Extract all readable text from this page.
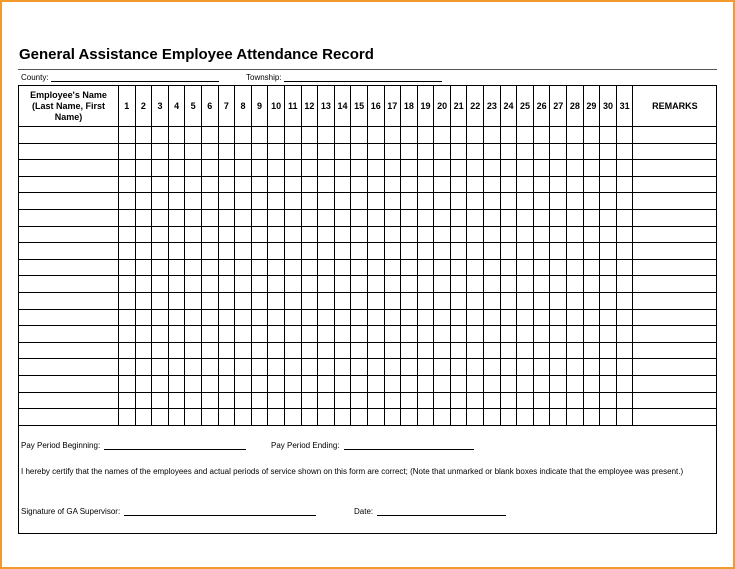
General Assistance Employee Attendance Record
County:	Township:
Employee's Name (Last Name, First Name)	1	2	3	4	5	6	7	8	9	10	11	12	13	14	15	16	17	18	19	20	21	22	23	24	25	26	27	28	29	30	31	REMARKS

Pay Period Beginning:	Pay Period Ending:
I hereby certify that the names of the employees and actual periods of service shown on this form are correct; (Note that unmarked or blank boxes indicate that the employee was present.)
Signature of GA Supervisor:	Date:
